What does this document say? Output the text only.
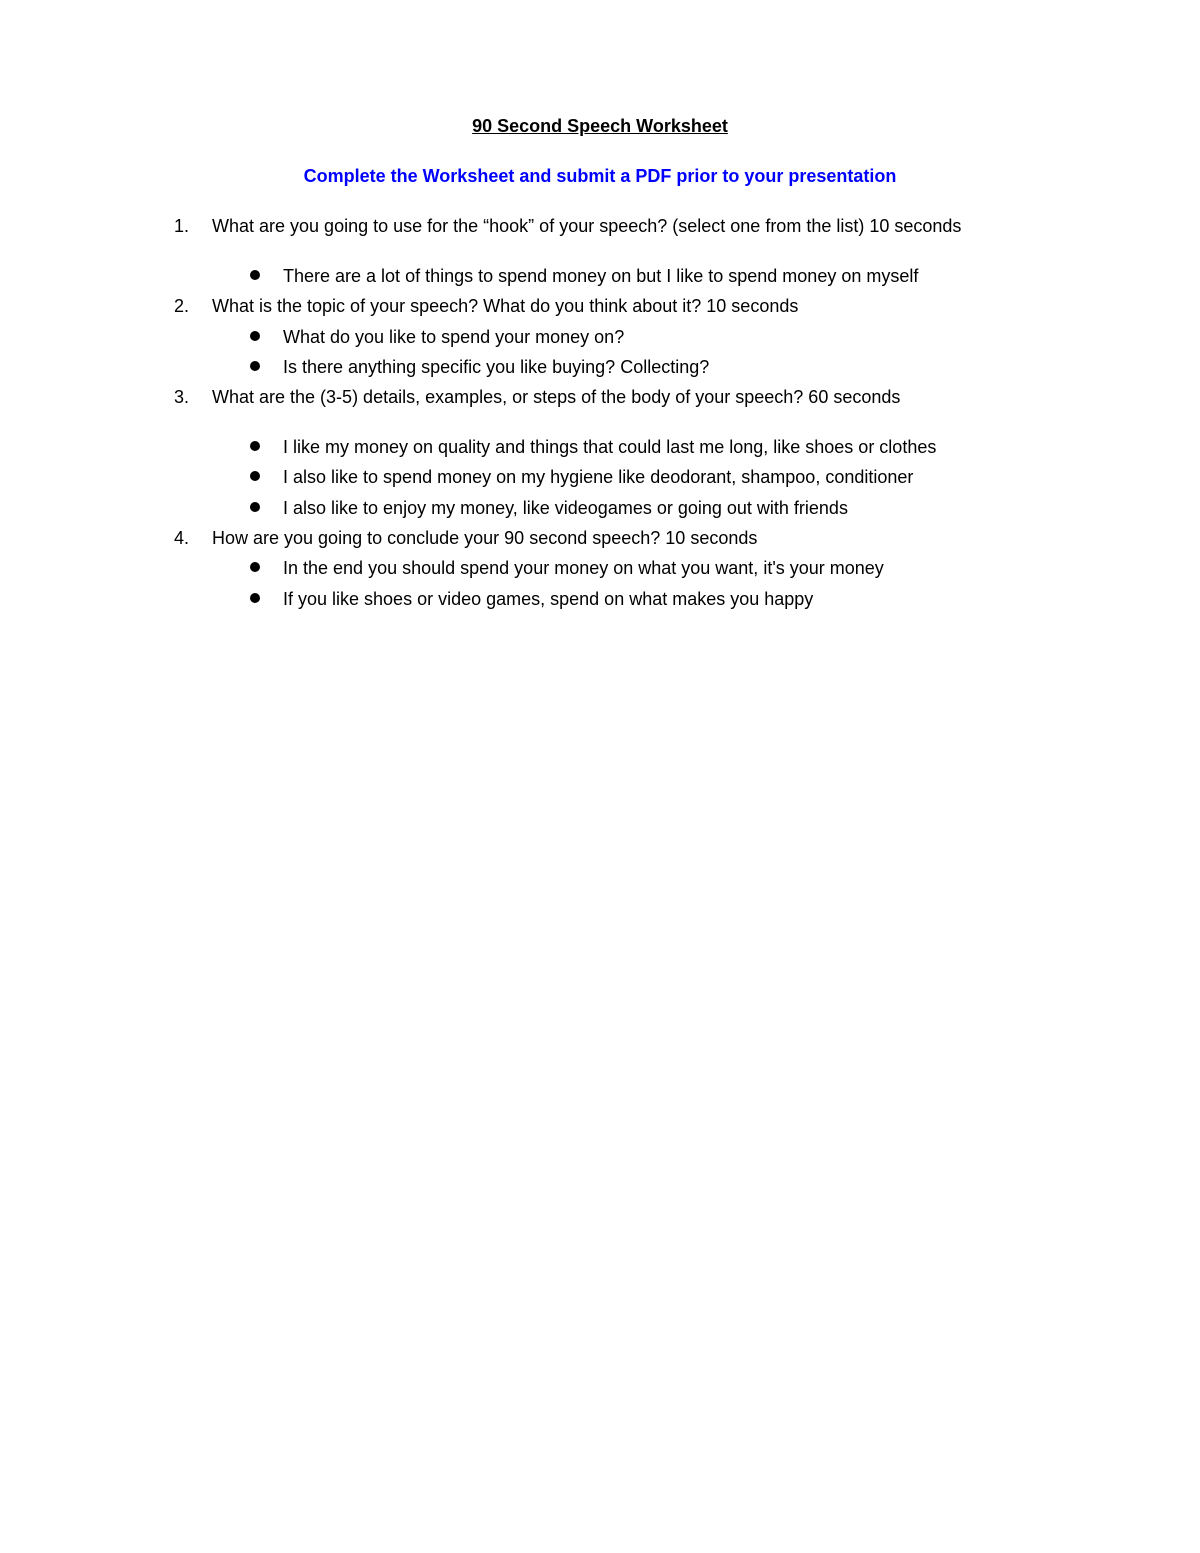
90 Second Speech Worksheet
Complete the Worksheet and submit a PDF prior to your presentation
1. What are you going to use for the “hook” of your speech? (select one from the list) 10 seconds
There are a lot of things to spend money on but I like to spend money on myself
2. What is the topic of your speech? What do you think about it? 10 seconds
What do you like to spend your money on?
Is there anything specific you like buying? Collecting?
3. What are the (3-5) details, examples, or steps of the body of your speech? 60 seconds
I like my money on quality and things that could last me long, like shoes or clothes
I also like to spend money on my hygiene like deodorant, shampoo, conditioner
I also like to enjoy my money, like videogames or going out with friends
4. How are you going to conclude your 90 second speech? 10 seconds
In the end you should spend your money on what you want, it's your money
If you like shoes or video games, spend on what makes you happy
